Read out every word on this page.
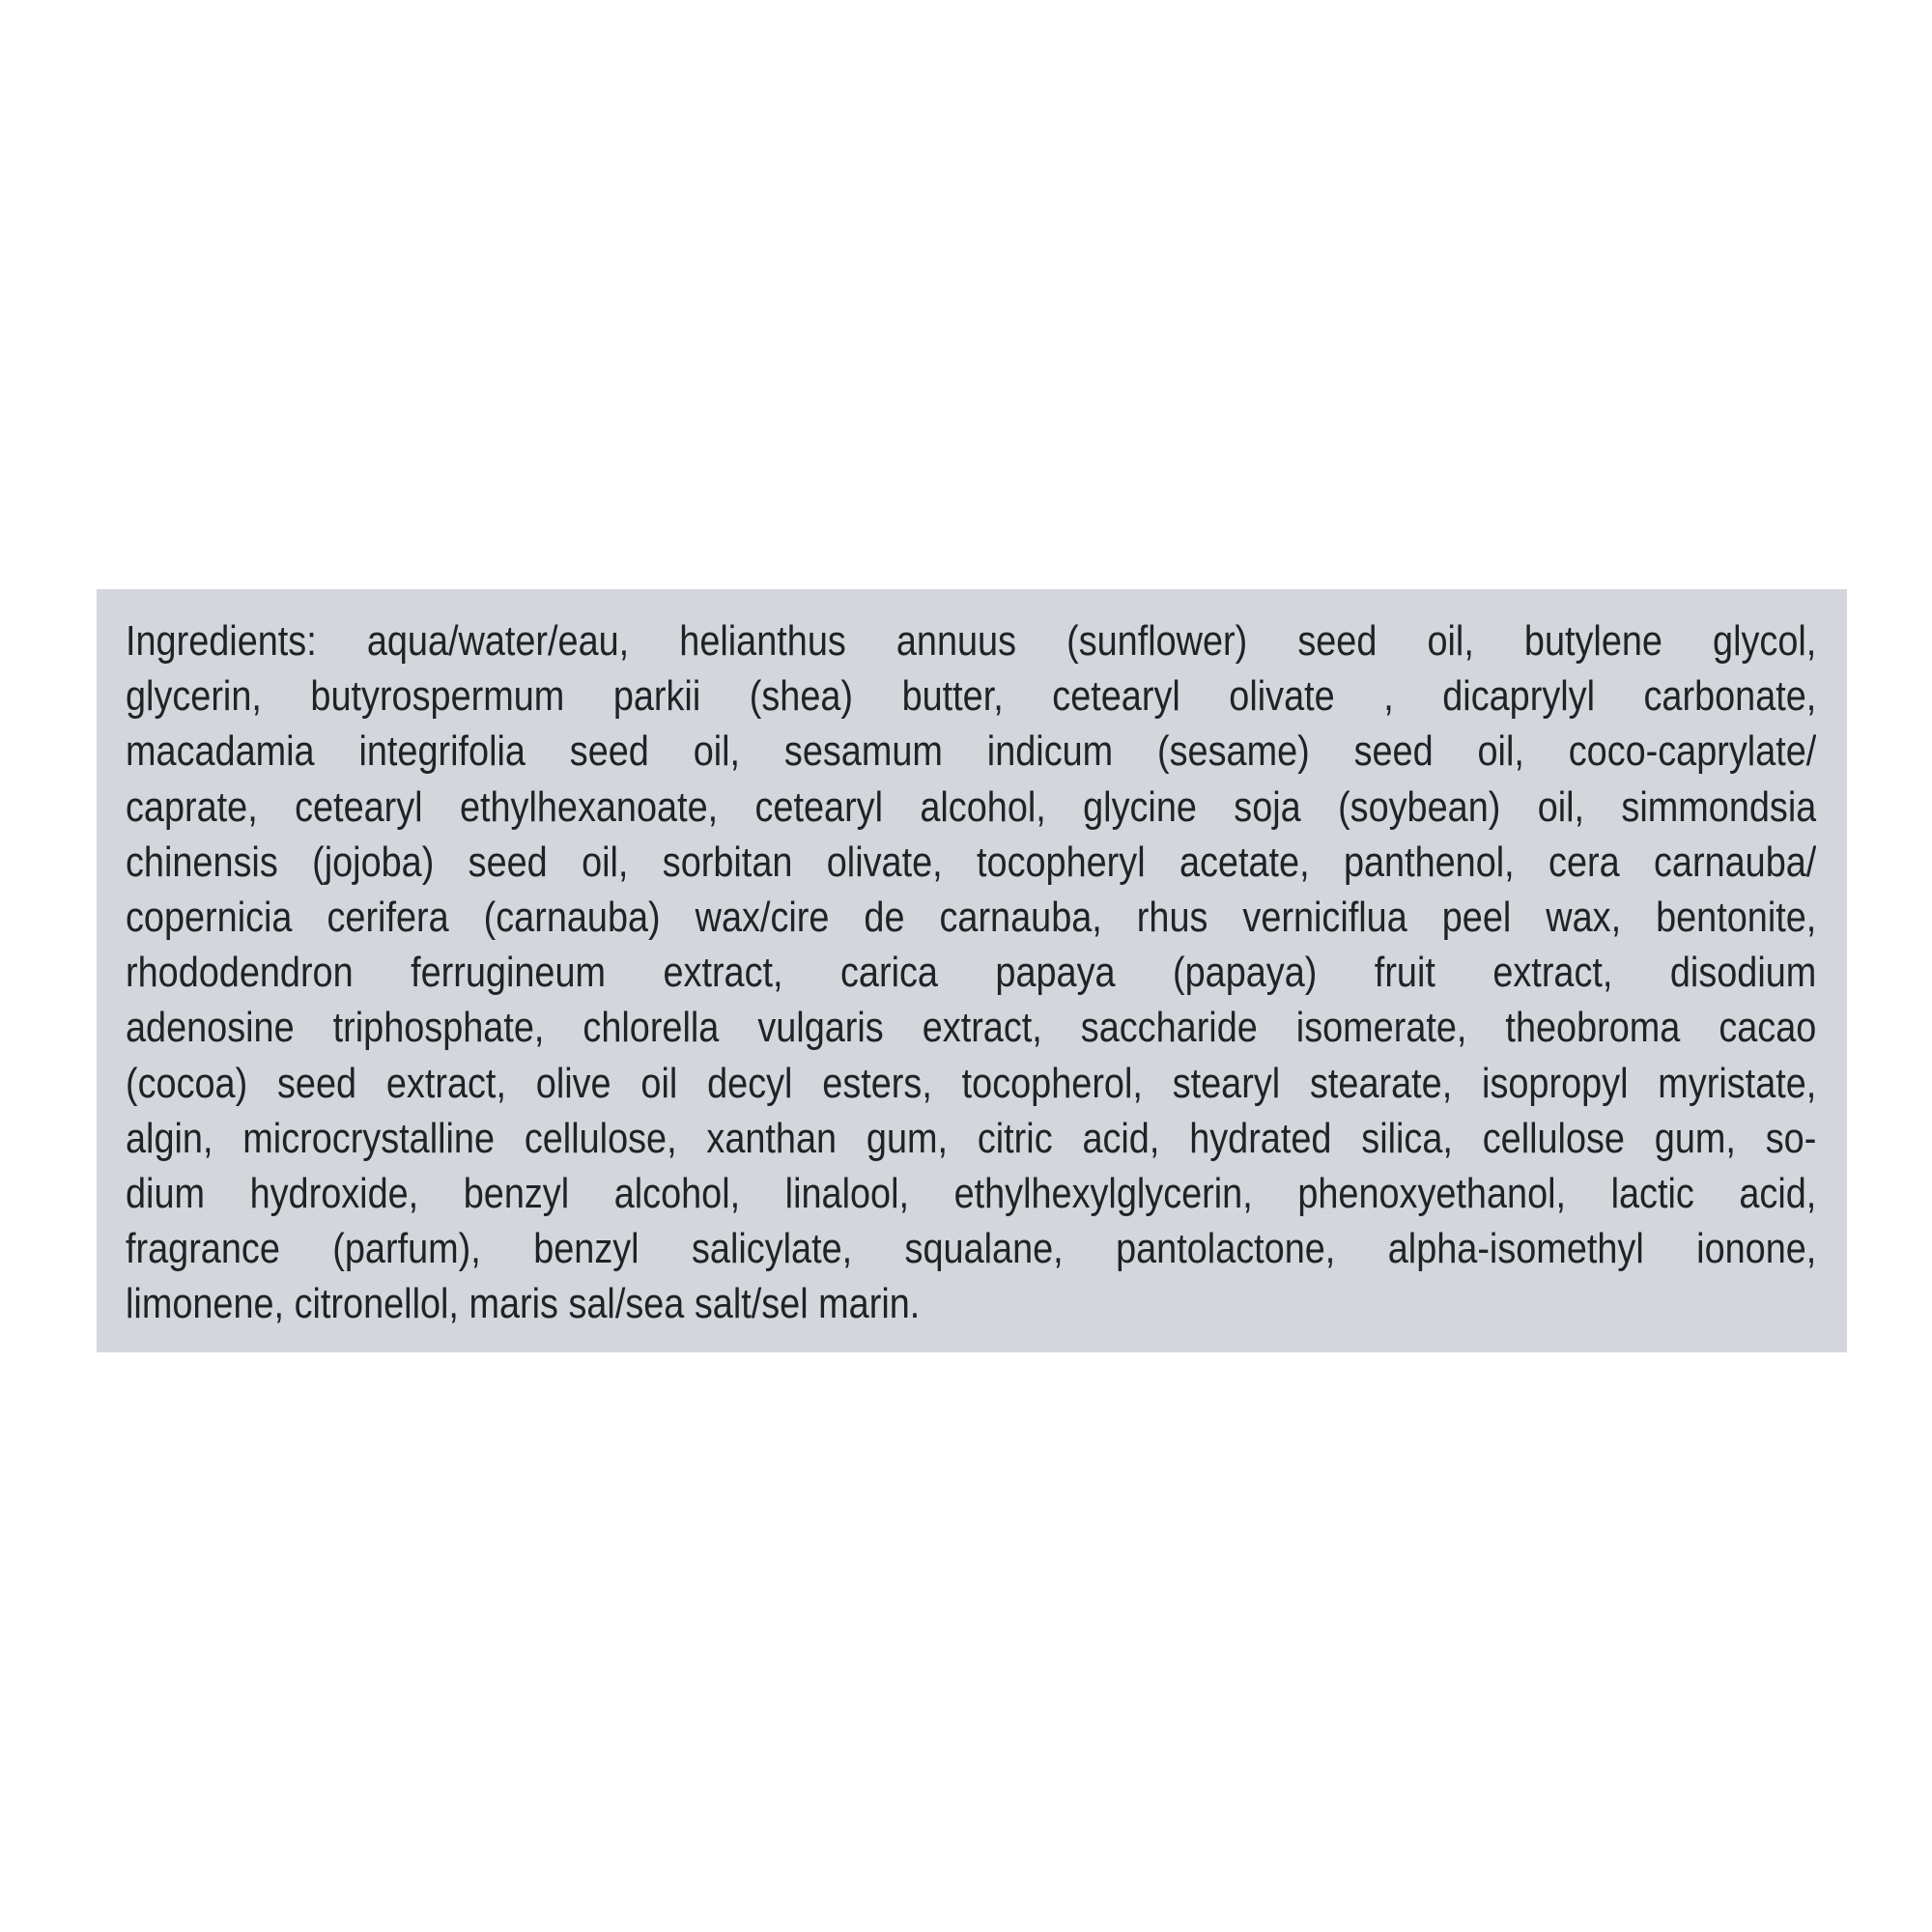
Ingredients: aqua/water/eau, helianthus annuus (sunflower) seed oil, butylene glycol,
glycerin, butyrospermum parkii (shea) butter, cetearyl olivate , dicaprylyl carbonate,
macadamia integrifolia seed oil, sesamum indicum (sesame) seed oil, coco-caprylate/
caprate, cetearyl ethylhexanoate, cetearyl alcohol, glycine soja (soybean) oil, simmondsia
chinensis (jojoba) seed oil, sorbitan olivate, tocopheryl acetate, panthenol, cera carnauba/
copernicia cerifera (carnauba) wax/cire de carnauba, rhus verniciflua peel wax, bentonite,
rhododendron ferrugineum extract, carica papaya (papaya) fruit extract, disodium
adenosine triphosphate, chlorella vulgaris extract, saccharide isomerate, theobroma cacao
(cocoa) seed extract, olive oil decyl esters, tocopherol, stearyl stearate, isopropyl myristate,
algin, microcrystalline cellulose, xanthan gum, citric acid, hydrated silica, cellulose gum, so-
dium hydroxide, benzyl alcohol, linalool, ethylhexylglycerin, phenoxyethanol, lactic acid,
fragrance (parfum), benzyl salicylate, squalane, pantolactone, alpha-isomethyl ionone,
limonene, citronellol, maris sal/sea salt/sel marin.
